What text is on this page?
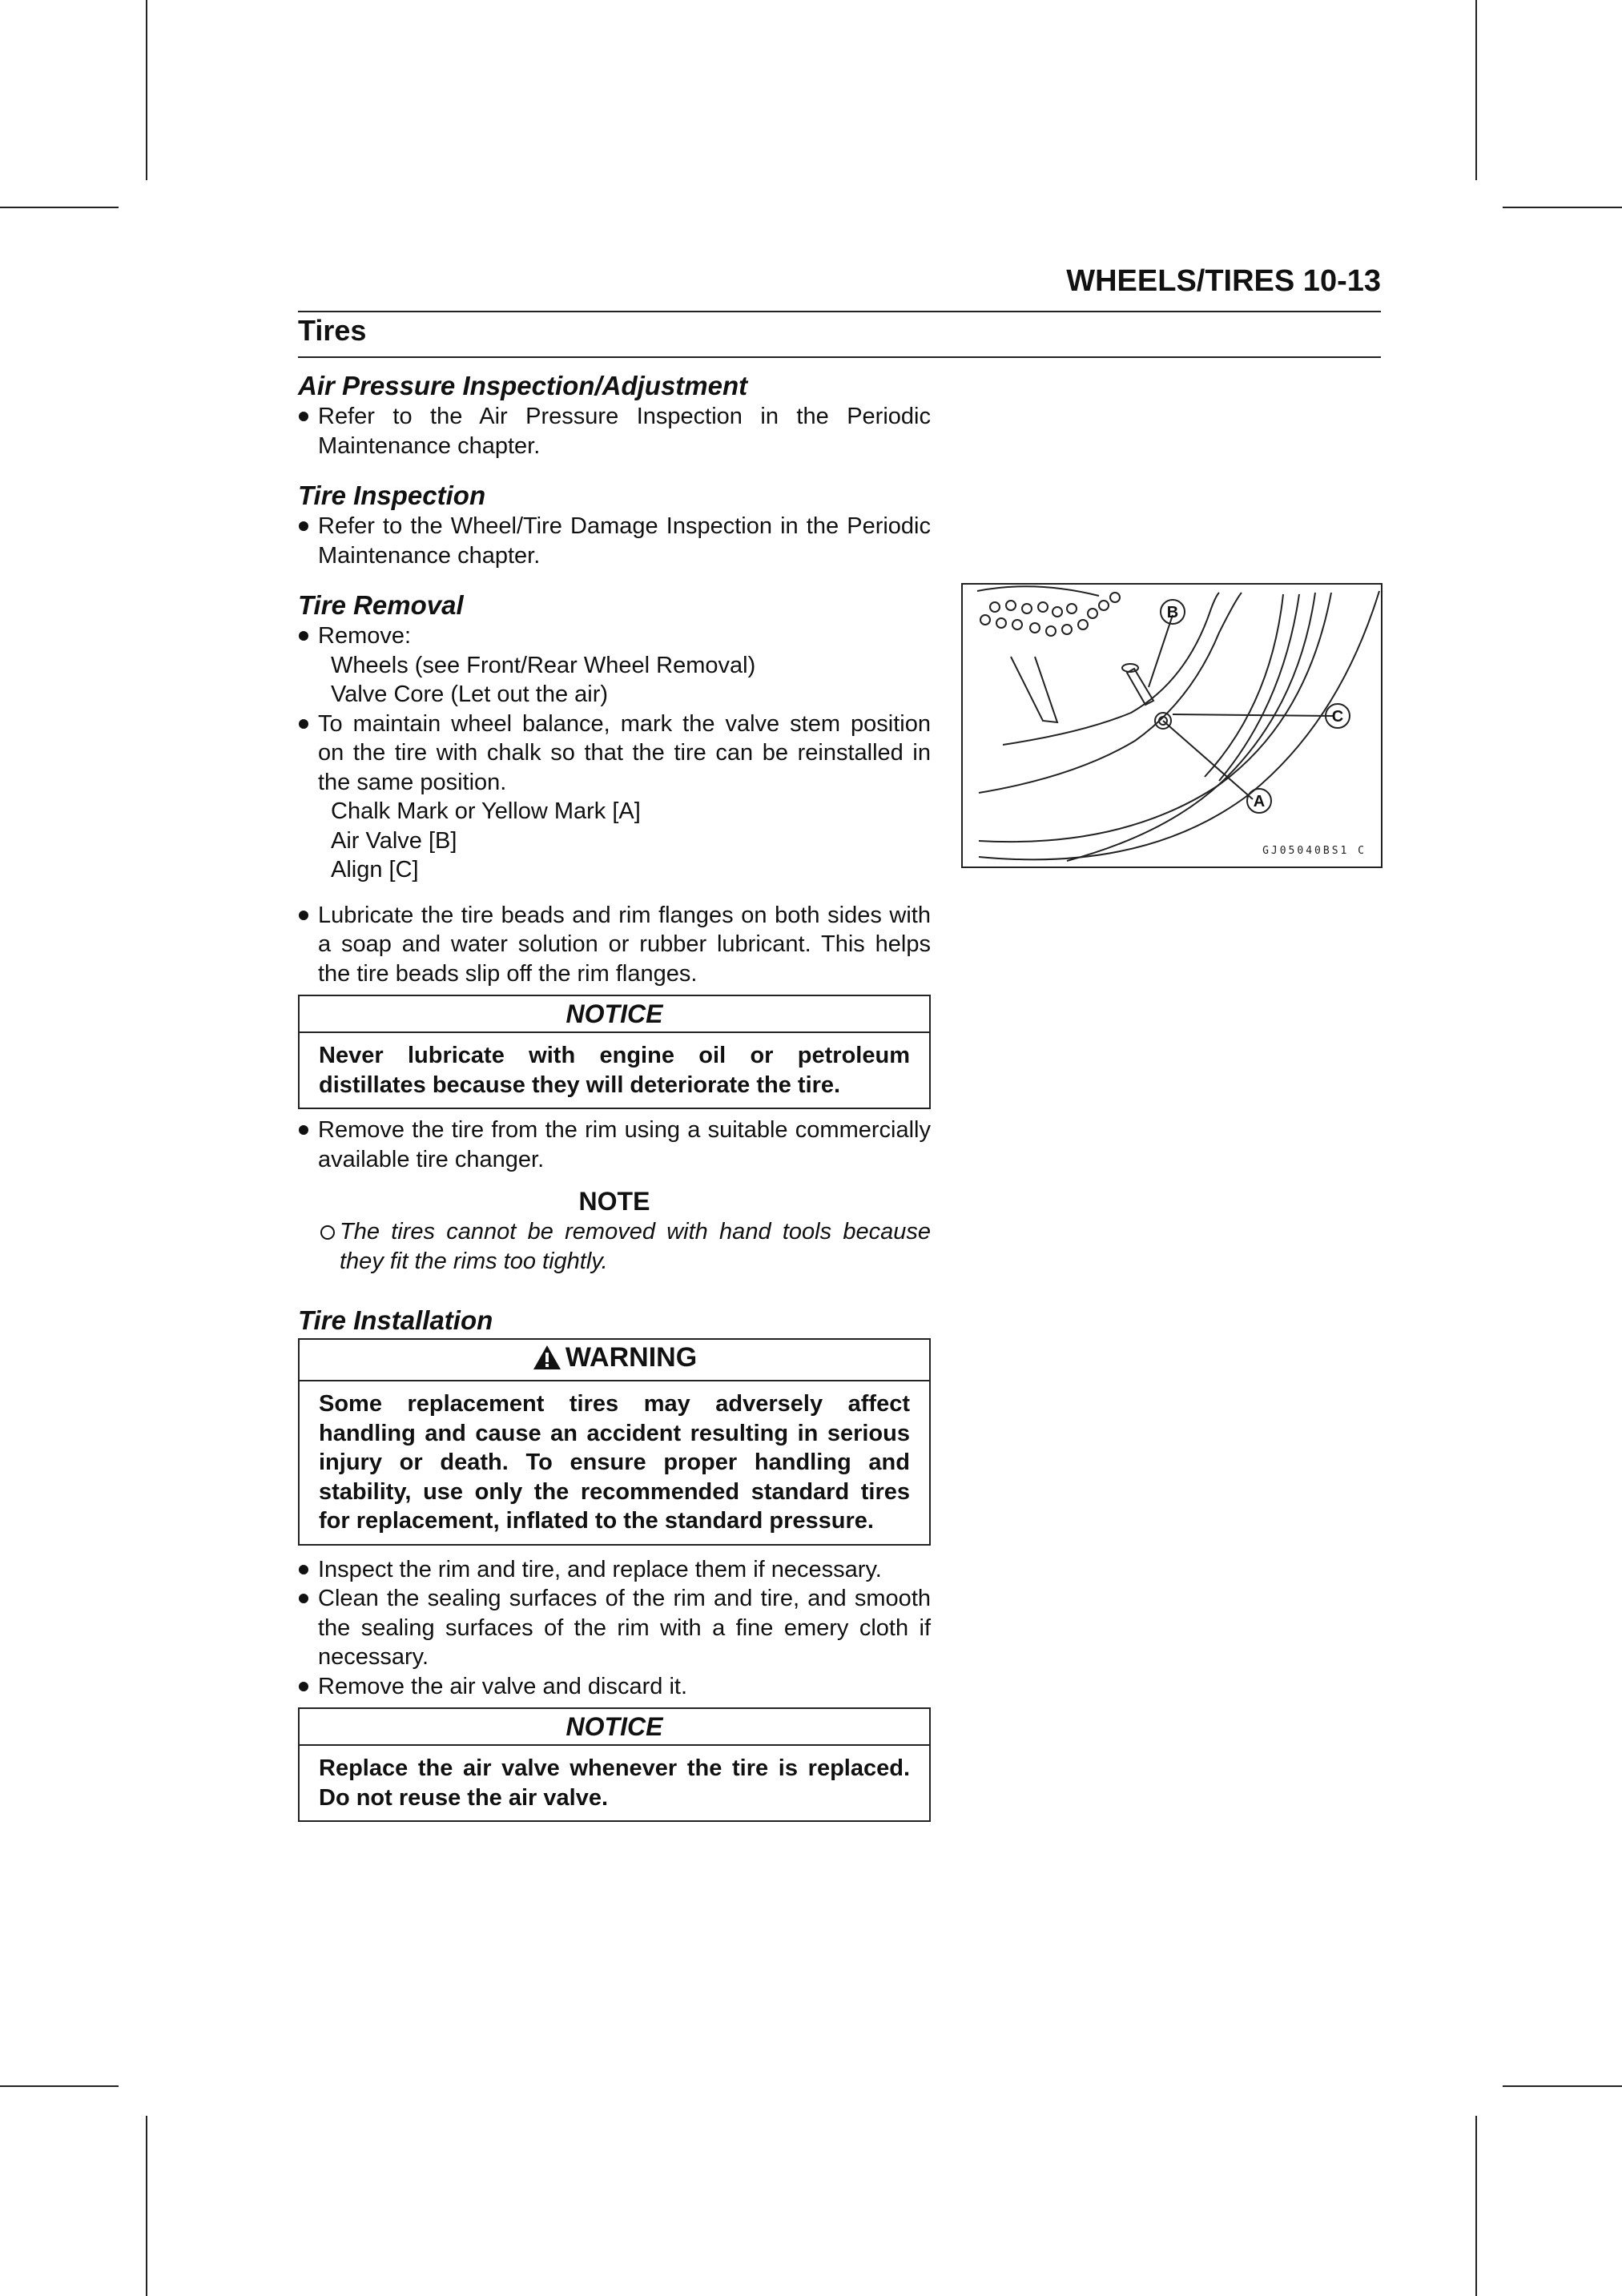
WHEELS/TIRES 10-13
Tires
Air Pressure Inspection/Adjustment
Refer to the Air Pressure Inspection in the Periodic Maintenance chapter.
Tire Inspection
Refer to the Wheel/Tire Damage Inspection in the Periodic Maintenance chapter.
Tire Removal
Remove:
Wheels (see Front/Rear Wheel Removal)
Valve Core (Let out the air)
To maintain wheel balance, mark the valve stem position on the tire with chalk so that the tire can be reinstalled in the same position.
Chalk Mark or Yellow Mark [A]
Air Valve [B]
Align [C]
Lubricate the tire beads and rim flanges on both sides with a soap and water solution or rubber lubricant. This helps the tire beads slip off the rim flanges.
NOTICE
Never lubricate with engine oil or petroleum distillates because they will deteriorate the tire.
Remove the tire from the rim using a suitable commercially available tire changer.
NOTE
The tires cannot be removed with hand tools because they fit the rims too tightly.
Tire Installation
WARNING
Some replacement tires may adversely affect handling and cause an accident resulting in serious injury or death. To ensure proper handling and stability, use only the recommended standard tires for replacement, inflated to the standard pressure.
Inspect the rim and tire, and replace them if necessary.
Clean the sealing surfaces of the rim and tire, and smooth the sealing surfaces of the rim with a fine emery cloth if necessary.
Remove the air valve and discard it.
NOTICE
Replace the air valve whenever the tire is replaced. Do not reuse the air valve.
B
C
A
GJ05040BS1 C
